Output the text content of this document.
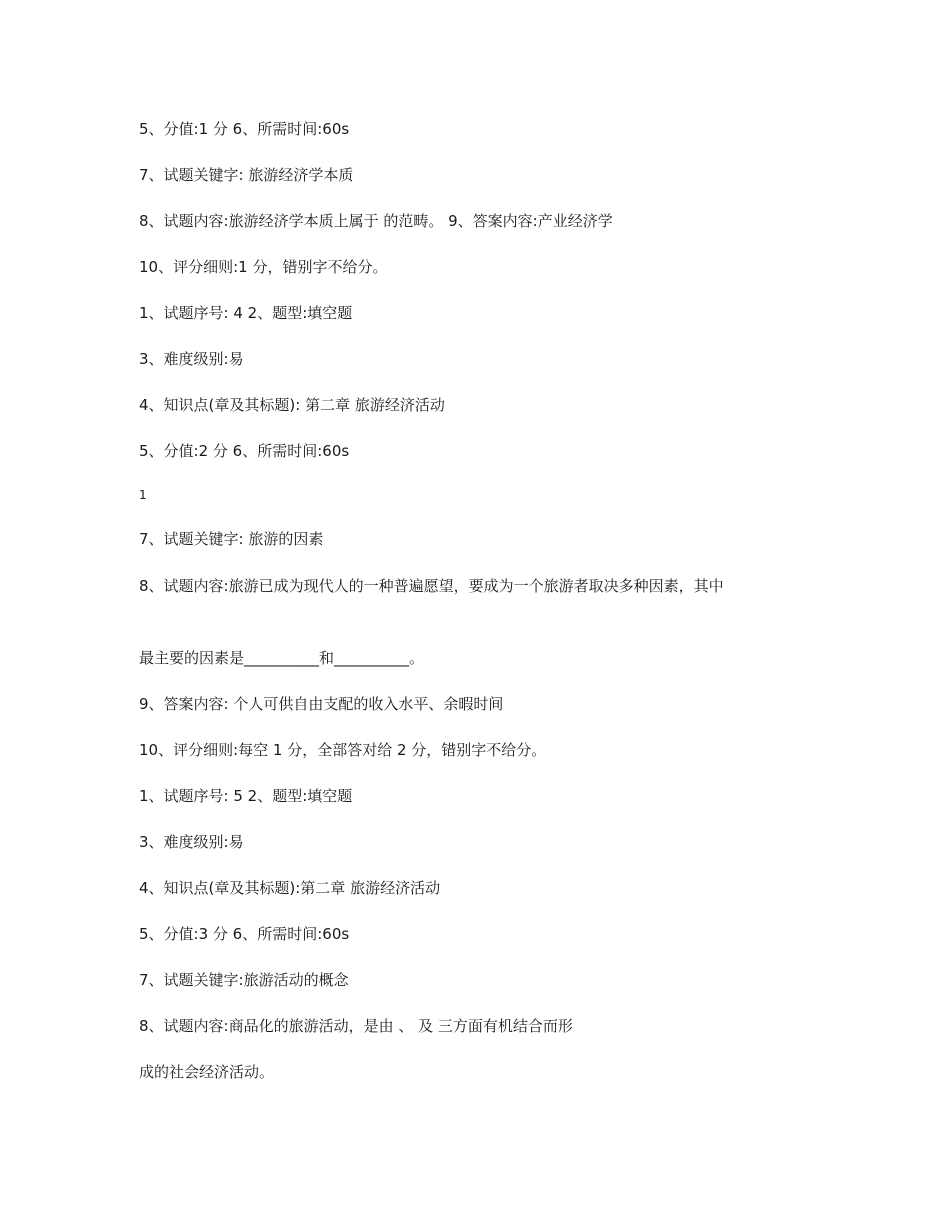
5、分值:1 分 6、所需时间:60s
7、试题关键字: 旅游经济学本质
8、试题内容:旅游经济学本质上属于 的范畴。 9、答案内容:产业经济学
10、评分细则:1 分，错别字不给分。
1、试题序号: 4 2、题型:填空题
3、难度级别:易
4、知识点(章及其标题): 第二章 旅游经济活动
5、分值:2 分 6、所需时间:60s
1
7、试题关键字: 旅游的因素
8、试题内容:旅游已成为现代人的一种普遍愿望，要成为一个旅游者取决多种因素，其中
最主要的因素是__________和__________。
9、答案内容: 个人可供自由支配的收入水平、余暇时间
10、评分细则:每空 1 分，全部答对给 2 分，错别字不给分。
1、试题序号: 5 2、题型:填空题
3、难度级别:易
4、知识点(章及其标题):第二章 旅游经济活动
5、分值:3 分 6、所需时间:60s
7、试题关键字:旅游活动的概念
8、试题内容:商品化的旅游活动，是由 、 及 三方面有机结合而形
成的社会经济活动。
